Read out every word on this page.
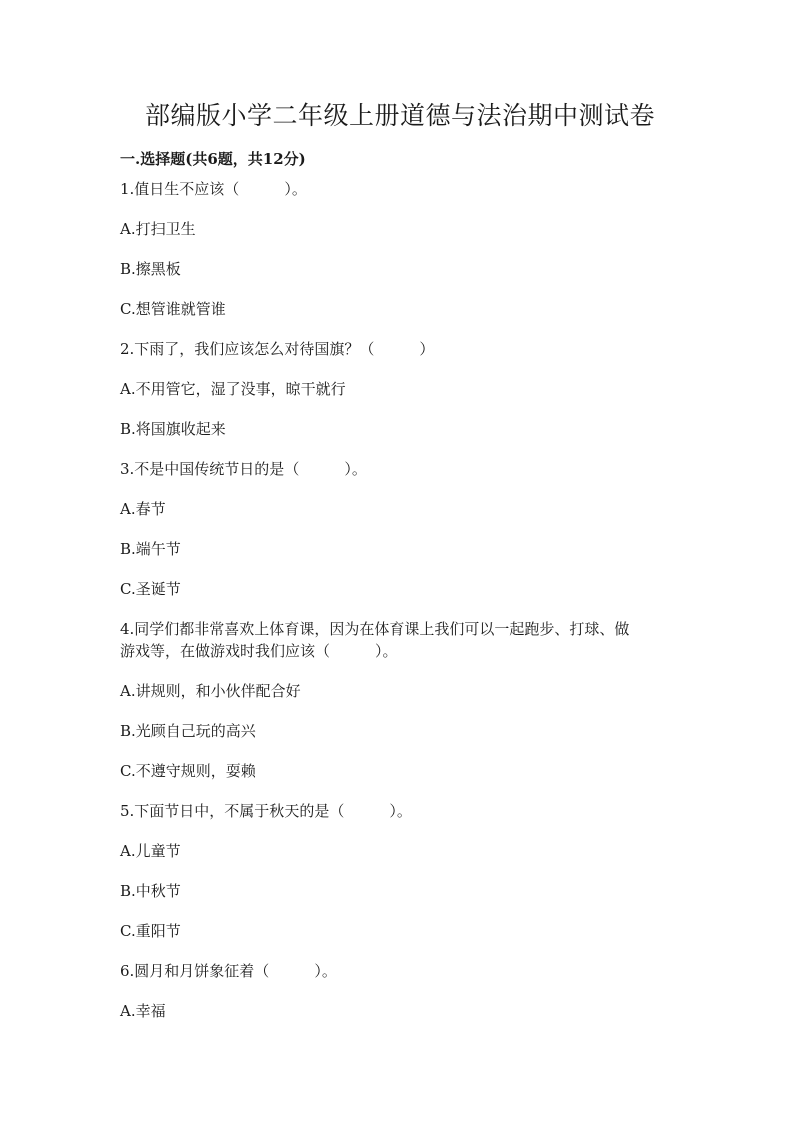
部编版小学二年级上册道德与法治期中测试卷

一.选择题(共6题，共12分)

1.值日生不应该（　　　）。

A.打扫卫生

B.擦黑板

C.想管谁就管谁

2.下雨了，我们应该怎么对待国旗？（　　　）

A.不用管它，湿了没事，晾干就行

B.将国旗收起来

3.不是中国传统节日的是（　　　）。

A.春节

B.端午节

C.圣诞节

4.同学们都非常喜欢上体育课，因为在体育课上我们可以一起跑步、打球、做
游戏等，在做游戏时我们应该（　　　）。

A.讲规则，和小伙伴配合好

B.光顾自己玩的高兴

C.不遵守规则，耍赖

5.下面节日中，不属于秋天的是（　　　）。

A.儿童节

B.中秋节

C.重阳节

6.圆月和月饼象征着（　　　）。

A.幸福
